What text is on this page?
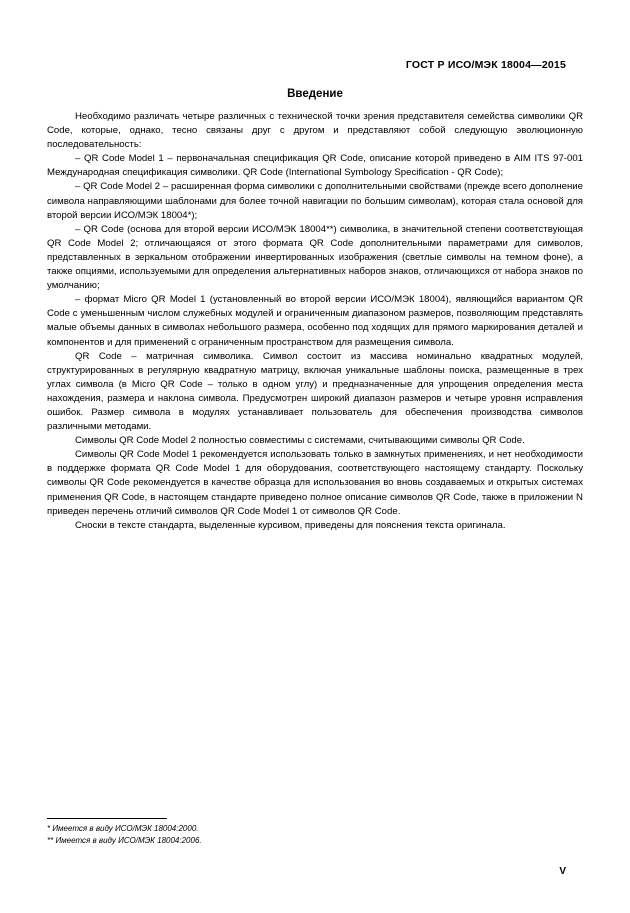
ГОСТ Р ИСО/МЭК 18004—2015
Введение

Необходимо различать четыре различных с технической точки зрения представителя семейства символики QR Code, которые, однако, тесно связаны друг с другом и представляют собой следующую эволюционную последовательность:

– QR Code Model 1 – первоначальная спецификация QR Code, описание которой приведено в AIM ITS 97-001 Международная спецификация символики. QR Code (International Symbology Specification - QR Code);

– QR Code Model 2 – расширенная форма символики с дополнительными свойствами (прежде всего дополнение символа направляющими шаблонами для более точной навигации по большим символам), которая стала основой для второй версии ИСО/МЭК 18004*);

– QR Code (основа для второй версии ИСО/МЭК 18004**) символика, в значительной степени соответствующая QR Code Model 2; отличающаяся от этого формата QR Code дополнительными параметрами для символов, представленных в зеркальном отображении инвертированных изображения (светлые символы на темном фоне), а также опциями, используемыми для определения альтернативных наборов знаков, отличающихся от набора знаков по умолчанию;

– формат Micro QR Model 1 (установленный во второй версии ИСО/МЭК 18004), являющийся вариантом QR Code с уменьшенным числом служебных модулей и ограниченным диапазоном размеров, позволяющим представлять малые объемы данных в символах небольшого размера, особенно под ходящих для прямого маркирования деталей и компонентов и для применений с ограниченным пространством для размещения символа.

QR Code – матричная символика. Символ состоит из массива номинально квадратных модулей, структурированных в регулярную квадратную матрицу, включая уникальные шаблоны поиска, размещенные в трех углах символа (в Micro QR Code – только в одном углу) и предназначенные для упрощения определения места нахождения, размера и наклона символа. Предусмотрен широкий диапазон размеров и четыре уровня исправления ошибок. Размер символа в модулях устанавливает пользователь для обеспечения производства символов различными методами.

Символы QR Code Model 2 полностью совместимы с системами, считывающими символы QR Code.

Символы QR Code Model 1 рекомендуется использовать только в замкнутых применениях, и нет необходимости в поддержке формата QR Code Model 1 для оборудования, соответствующего настоящему стандарту. Поскольку символы QR Code рекомендуется в качестве образца для использования во вновь создаваемых и открытых системах применения QR Code, в настоящем стандарте приведено полное описание символов QR Code, также в приложении N приведен перечень отличий символов QR Code Model 1 от символов QR Code.

Сноски в тексте стандарта, выделенные курсивом, приведены для пояснения текста оригинала.

* Имеется в виду ИСО/МЭК 18004:2000.
** Имеется в виду ИСО/МЭК 18004:2006.
V
